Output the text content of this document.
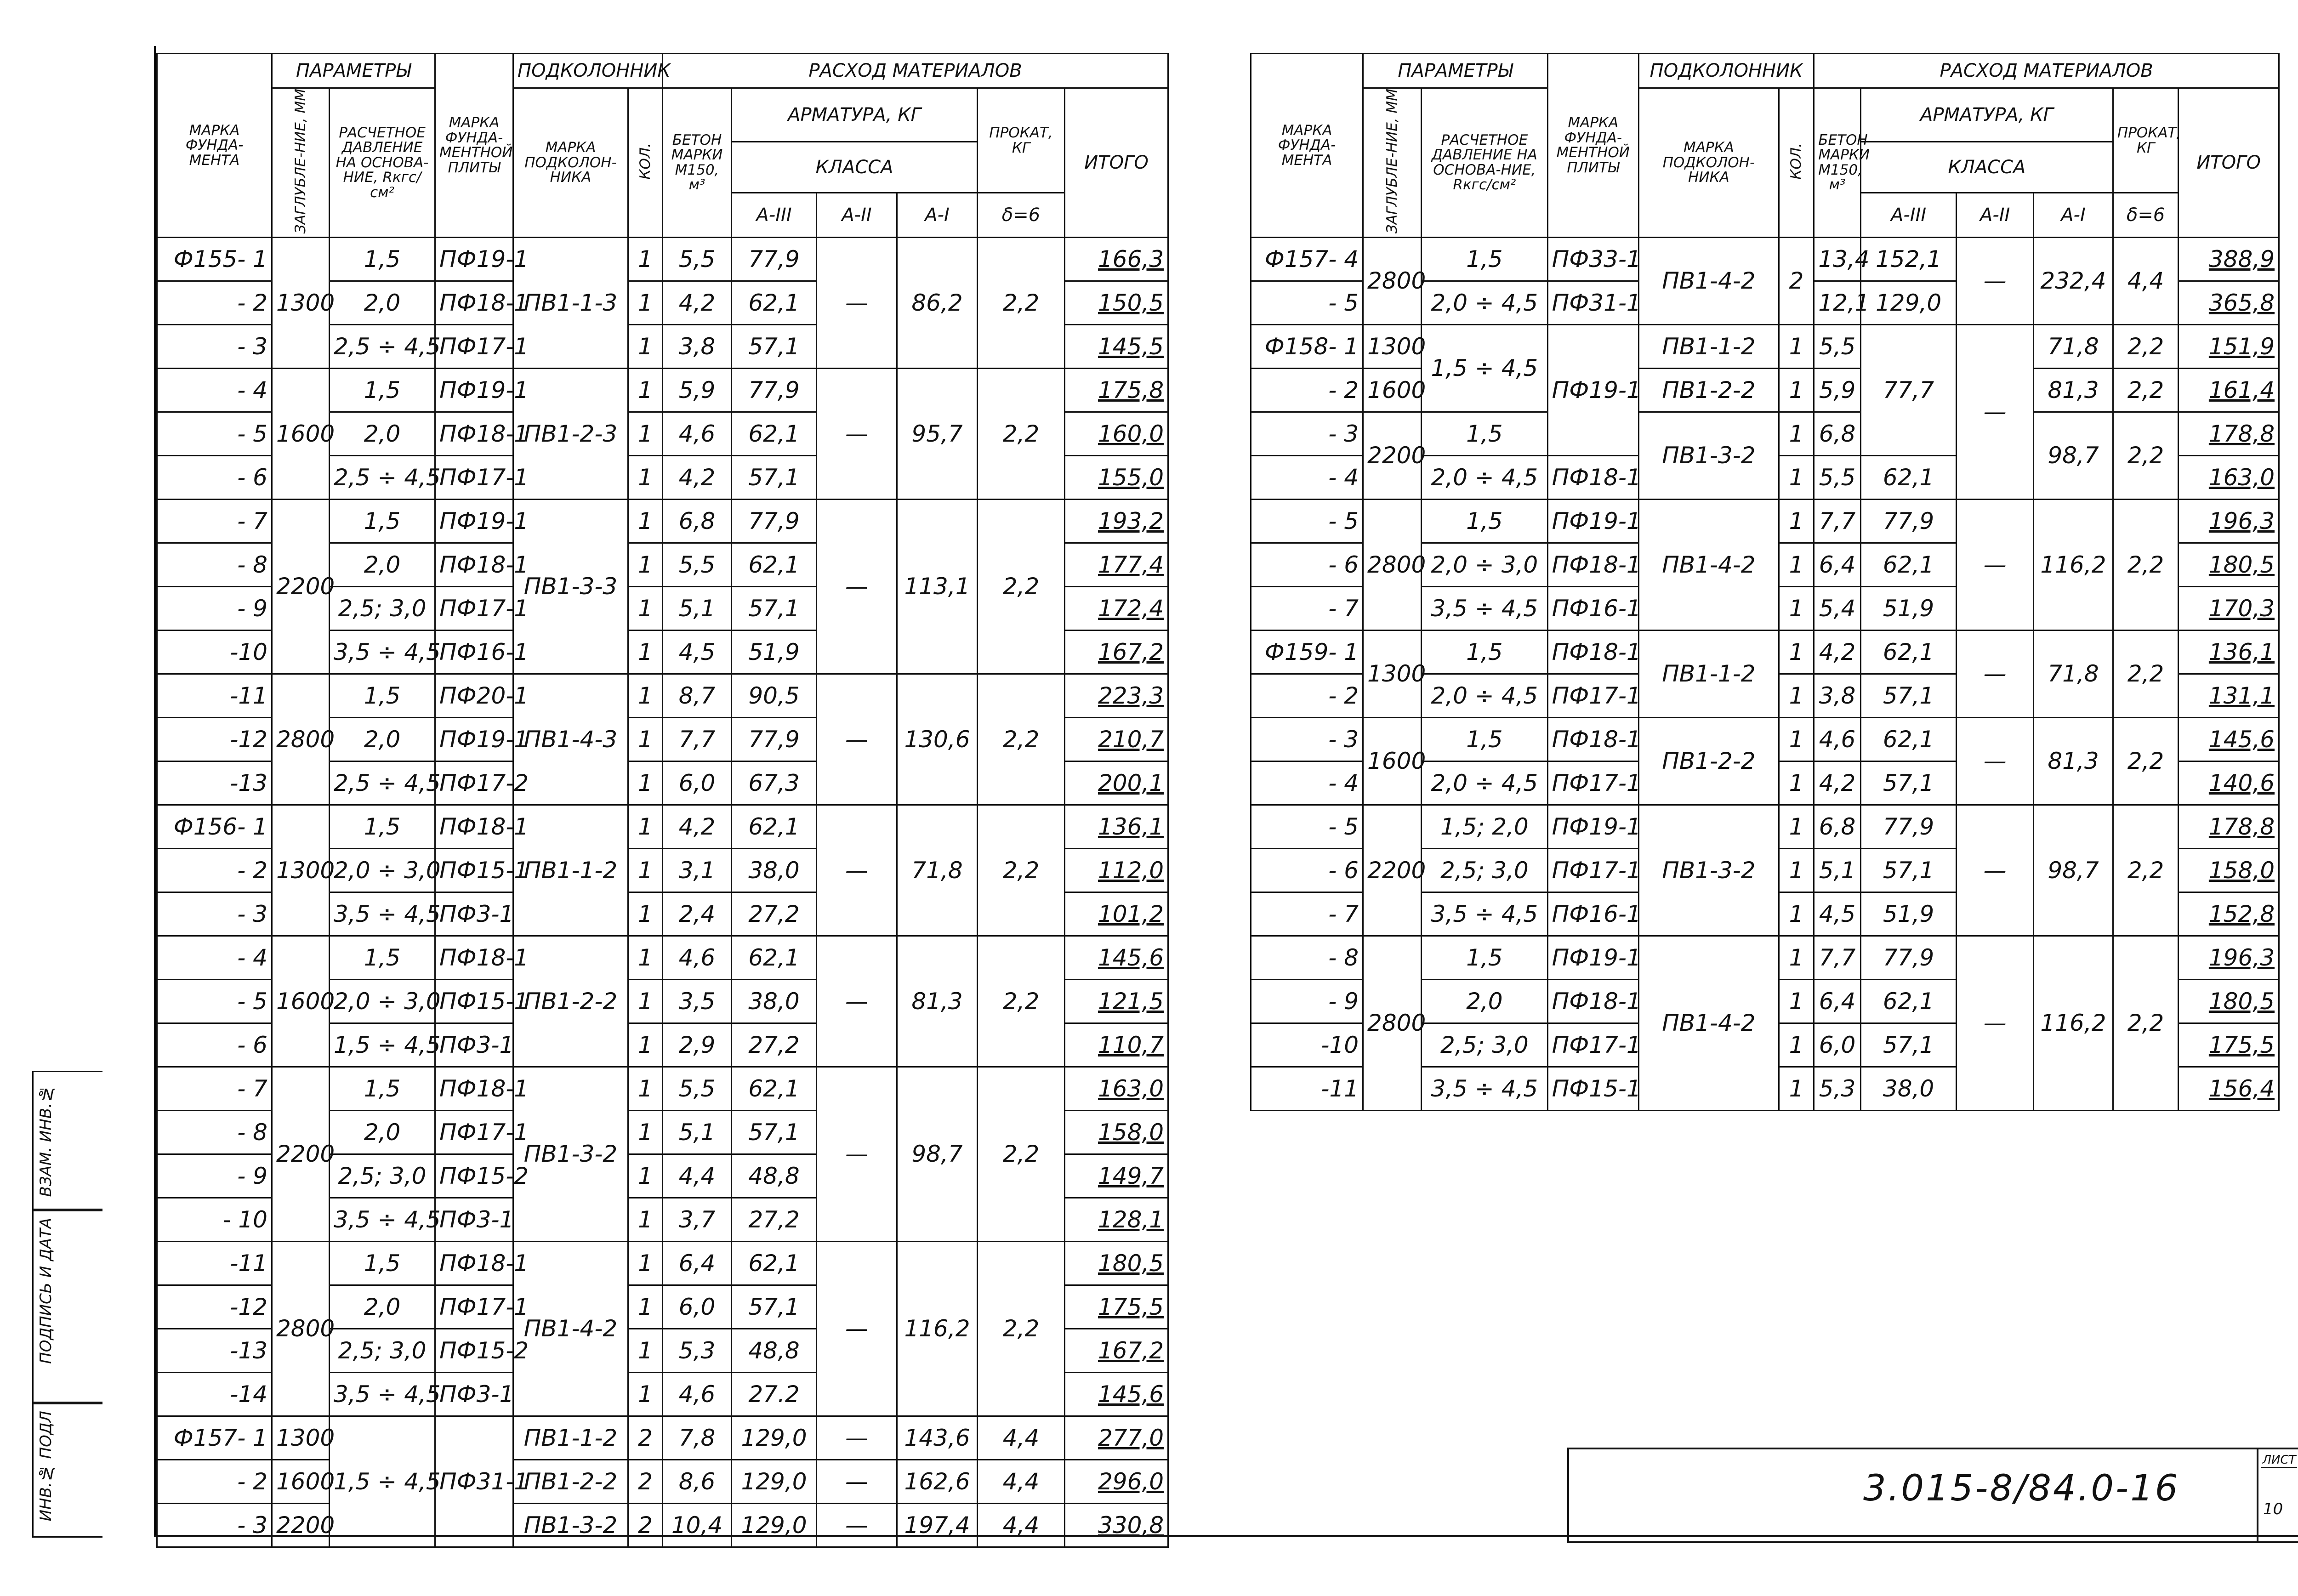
ВЗАМ. ИНВ.№
ПОДПИСЬ И ДАТА
ИНВ.№ ПОДЛ
МАРКА ФУНДА-МЕНТА	ПАРАМЕТРЫ		МАРКА ФУНДА-МЕНТНОЙ ПЛИТЫ	ПОДКОЛОННИК		РАСХОД МАТЕРИАЛОВ					
	ЗАГЛУБЛЕ-НИЕ, ММ	РАСЧЕТНОЕ ДАВЛЕНИЕ НА ОСНОВА-НИЕ, Rкгс/см²		МАРКА ПОДКОЛОН-НИКА	КОЛ.	БЕТОН МАРКИ М150, м³	АРМАТУРА, КГ			ПРОКАТ, КГ	ИТОГО
							КЛАССА				
							А-III	А-II	А-I	δ=6	
Ф155- 1	1300	1,5	ПФ19-1	ПВ1-1-3	1	5,5	77,9	—	86,2	2,2	166,3
- 2		2,0	ПФ18-1		1	4,2	62,1				150,5
- 3		2,5 ÷ 4,5	ПФ17-1		1	3,8	57,1				145,5
- 4	1600	1,5	ПФ19-1	ПВ1-2-3	1	5,9	77,9	—	95,7	2,2	175,8
- 5		2,0	ПФ18-1		1	4,6	62,1				160,0
- 6		2,5 ÷ 4,5	ПФ17-1		1	4,2	57,1				155,0
- 7	2200	1,5	ПФ19-1	ПВ1-3-3	1	6,8	77,9	—	113,1	2,2	193,2
- 8		2,0	ПФ18-1		1	5,5	62,1				177,4
- 9		2,5; 3,0	ПФ17-1		1	5,1	57,1				172,4
-10		3,5 ÷ 4,5	ПФ16-1		1	4,5	51,9				167,2
-11	2800	1,5	ПФ20-1	ПВ1-4-3	1	8,7	90,5	—	130,6	2,2	223,3
-12		2,0	ПФ19-1		1	7,7	77,9				210,7
-13		2,5 ÷ 4,5	ПФ17-2		1	6,0	67,3				200,1
Ф156- 1	1300	1,5	ПФ18-1	ПВ1-1-2	1	4,2	62,1	—	71,8	2,2	136,1
- 2		2,0 ÷ 3,0	ПФ15-1		1	3,1	38,0				112,0
- 3		3,5 ÷ 4,5	ПФ3-1		1	2,4	27,2				101,2
- 4	1600	1,5	ПФ18-1	ПВ1-2-2	1	4,6	62,1	—	81,3	2,2	145,6
- 5		2,0 ÷ 3,0	ПФ15-1		1	3,5	38,0				121,5
- 6		1,5 ÷ 4,5	ПФ3-1		1	2,9	27,2				110,7
- 7	2200	1,5	ПФ18-1	ПВ1-3-2	1	5,5	62,1	—	98,7	2,2	163,0
- 8		2,0	ПФ17-1		1	5,1	57,1				158,0
- 9		2,5; 3,0	ПФ15-2		1	4,4	48,8				149,7
- 10		3,5 ÷ 4,5	ПФ3-1		1	3,7	27,2				128,1
-11	2800	1,5	ПФ18-1	ПВ1-4-2	1	6,4	62,1	—	116,2	2,2	180,5
-12		2,0	ПФ17-1		1	6,0	57,1				175,5
-13		2,5; 3,0	ПФ15-2		1	5,3	48,8				167,2
-14		3,5 ÷ 4,5	ПФ3-1		1	4,6	27.2				145,6
Ф157- 1	1300	1,5 ÷ 4,5	ПФ31-1	ПВ1-1-2	2	7,8	129,0	—	143,6	4,4	277,0
- 2	1600			ПВ1-2-2	2	8,6	129,0	—	162,6	4,4	296,0
- 3	2200			ПВ1-3-2	2	10,4	129,0	—	197,4	4,4	330,8
МАРКА ФУНДА-МЕНТА	ПАРАМЕТРЫ		МАРКА ФУНДА-МЕНТНОЙ ПЛИТЫ	ПОДКОЛОННИК		РАСХОД МАТЕРИАЛОВ					
	ЗАГЛУБЛЕ-НИЕ, ММ	РАСЧЕТНОЕ ДАВЛЕНИЕ НА ОСНОВА-НИЕ, Rкгс/см²		МАРКА ПОДКОЛОН-НИКА	КОЛ.	БЕТОН МАРКИ М150, м³	АРМАТУРА, КГ			ПРОКАТ, КГ	ИТОГО
							КЛАССА				
							А-III	А-II	А-I	δ=6	
Ф157- 4	2800	1,5	ПФ33-1	ПВ1-4-2	2	13,4	152,1	—	232,4	4,4	388,9
- 5		2,0 ÷ 4,5	ПФ31-1			12,1	129,0				365,8
Ф158- 1	1300	1,5 ÷ 4,5	ПФ19-1	ПВ1-1-2	1	5,5	77,7	—	71,8	2,2	151,9
- 2	1600			ПВ1-2-2	1	5,9			81,3	2,2	161,4
- 3	2200	1,5		ПВ1-3-2	1	6,8			98,7	2,2	178,8
- 4		2,0 ÷ 4,5	ПФ18-1		1	5,5	62,1				163,0
- 5	2800	1,5	ПФ19-1	ПВ1-4-2	1	7,7	77,9	—	116,2	2,2	196,3
- 6		2,0 ÷ 3,0	ПФ18-1		1	6,4	62,1				180,5
- 7		3,5 ÷ 4,5	ПФ16-1		1	5,4	51,9				170,3
Ф159- 1	1300	1,5	ПФ18-1	ПВ1-1-2	1	4,2	62,1	—	71,8	2,2	136,1
- 2		2,0 ÷ 4,5	ПФ17-1		1	3,8	57,1				131,1
- 3	1600	1,5	ПФ18-1	ПВ1-2-2	1	4,6	62,1	—	81,3	2,2	145,6
- 4		2,0 ÷ 4,5	ПФ17-1		1	4,2	57,1				140,6
- 5	2200	1,5; 2,0	ПФ19-1	ПВ1-3-2	1	6,8	77,9	—	98,7	2,2	178,8
- 6		2,5; 3,0	ПФ17-1		1	5,1	57,1				158,0
- 7		3,5 ÷ 4,5	ПФ16-1		1	4,5	51,9				152,8
- 8	2800	1,5	ПФ19-1	ПВ1-4-2	1	7,7	77,9	—	116,2	2,2	196,3
- 9		2,0	ПФ18-1		1	6,4	62,1				180,5
-10		2,5; 3,0	ПФ17-1		1	6,0	57,1				175,5
-11		3,5 ÷ 4,5	ПФ15-1		1	5,3	38,0				156,4
3.015-8/84.0-16
ЛИСТ
10
